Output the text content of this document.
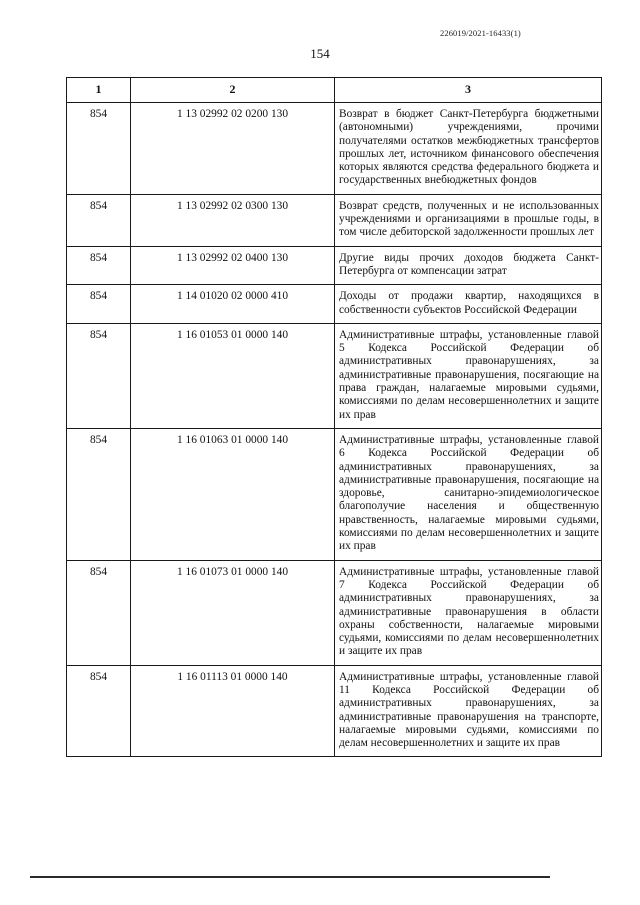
226019/2021-16433(1)
154
1	2	3
854	1 13 02992 02 0200 130	Возврат в бюджет Санкт-Петербурга бюджетными (автономными) учреждениями, прочими получателями остатков межбюджетных трансфертов прошлых лет, источником финансового обеспечения которых являются средства федерального бюджета и государственных внебюджетных фондов
854	1 13 02992 02 0300 130	Возврат средств, полученных и не использованных учреждениями и организациями в прошлые годы, в том числе дебиторской задолженности прошлых лет
854	1 13 02992 02 0400 130	Другие виды прочих доходов бюджета Санкт-Петербурга от компенсации затрат
854	1 14 01020 02 0000 410	Доходы от продажи квартир, находящихся в собственности субъектов Российской Федерации
854	1 16 01053 01 0000 140	Административные штрафы, установленные главой 5 Кодекса Российской Федерации об административных правонарушениях, за административные правонарушения, посягающие на права граждан, налагаемые мировыми судьями, комиссиями по делам несовершеннолетних и защите их прав
854	1 16 01063 01 0000 140	Административные штрафы, установленные главой 6 Кодекса Российской Федерации об административных правонарушениях, за административные правонарушения, посягающие на здоровье, санитарно-эпидемиологическое благополучие населения и общественную нравственность, налагаемые мировыми судьями, комиссиями по делам несовершеннолетних и защите их прав
854	1 16 01073 01 0000 140	Административные штрафы, установленные главой 7 Кодекса Российской Федерации об административных правонарушениях, за административные правонарушения в области охраны собственности, налагаемые мировыми судьями, комиссиями по делам несовершеннолетних и защите их прав
854	1 16 01113 01 0000 140	Административные штрафы, установленные главой 11 Кодекса Российской Федерации об административных правонарушениях, за административные правонарушения на транспорте, налагаемые мировыми судьями, комиссиями по делам несовершеннолетних и защите их прав
